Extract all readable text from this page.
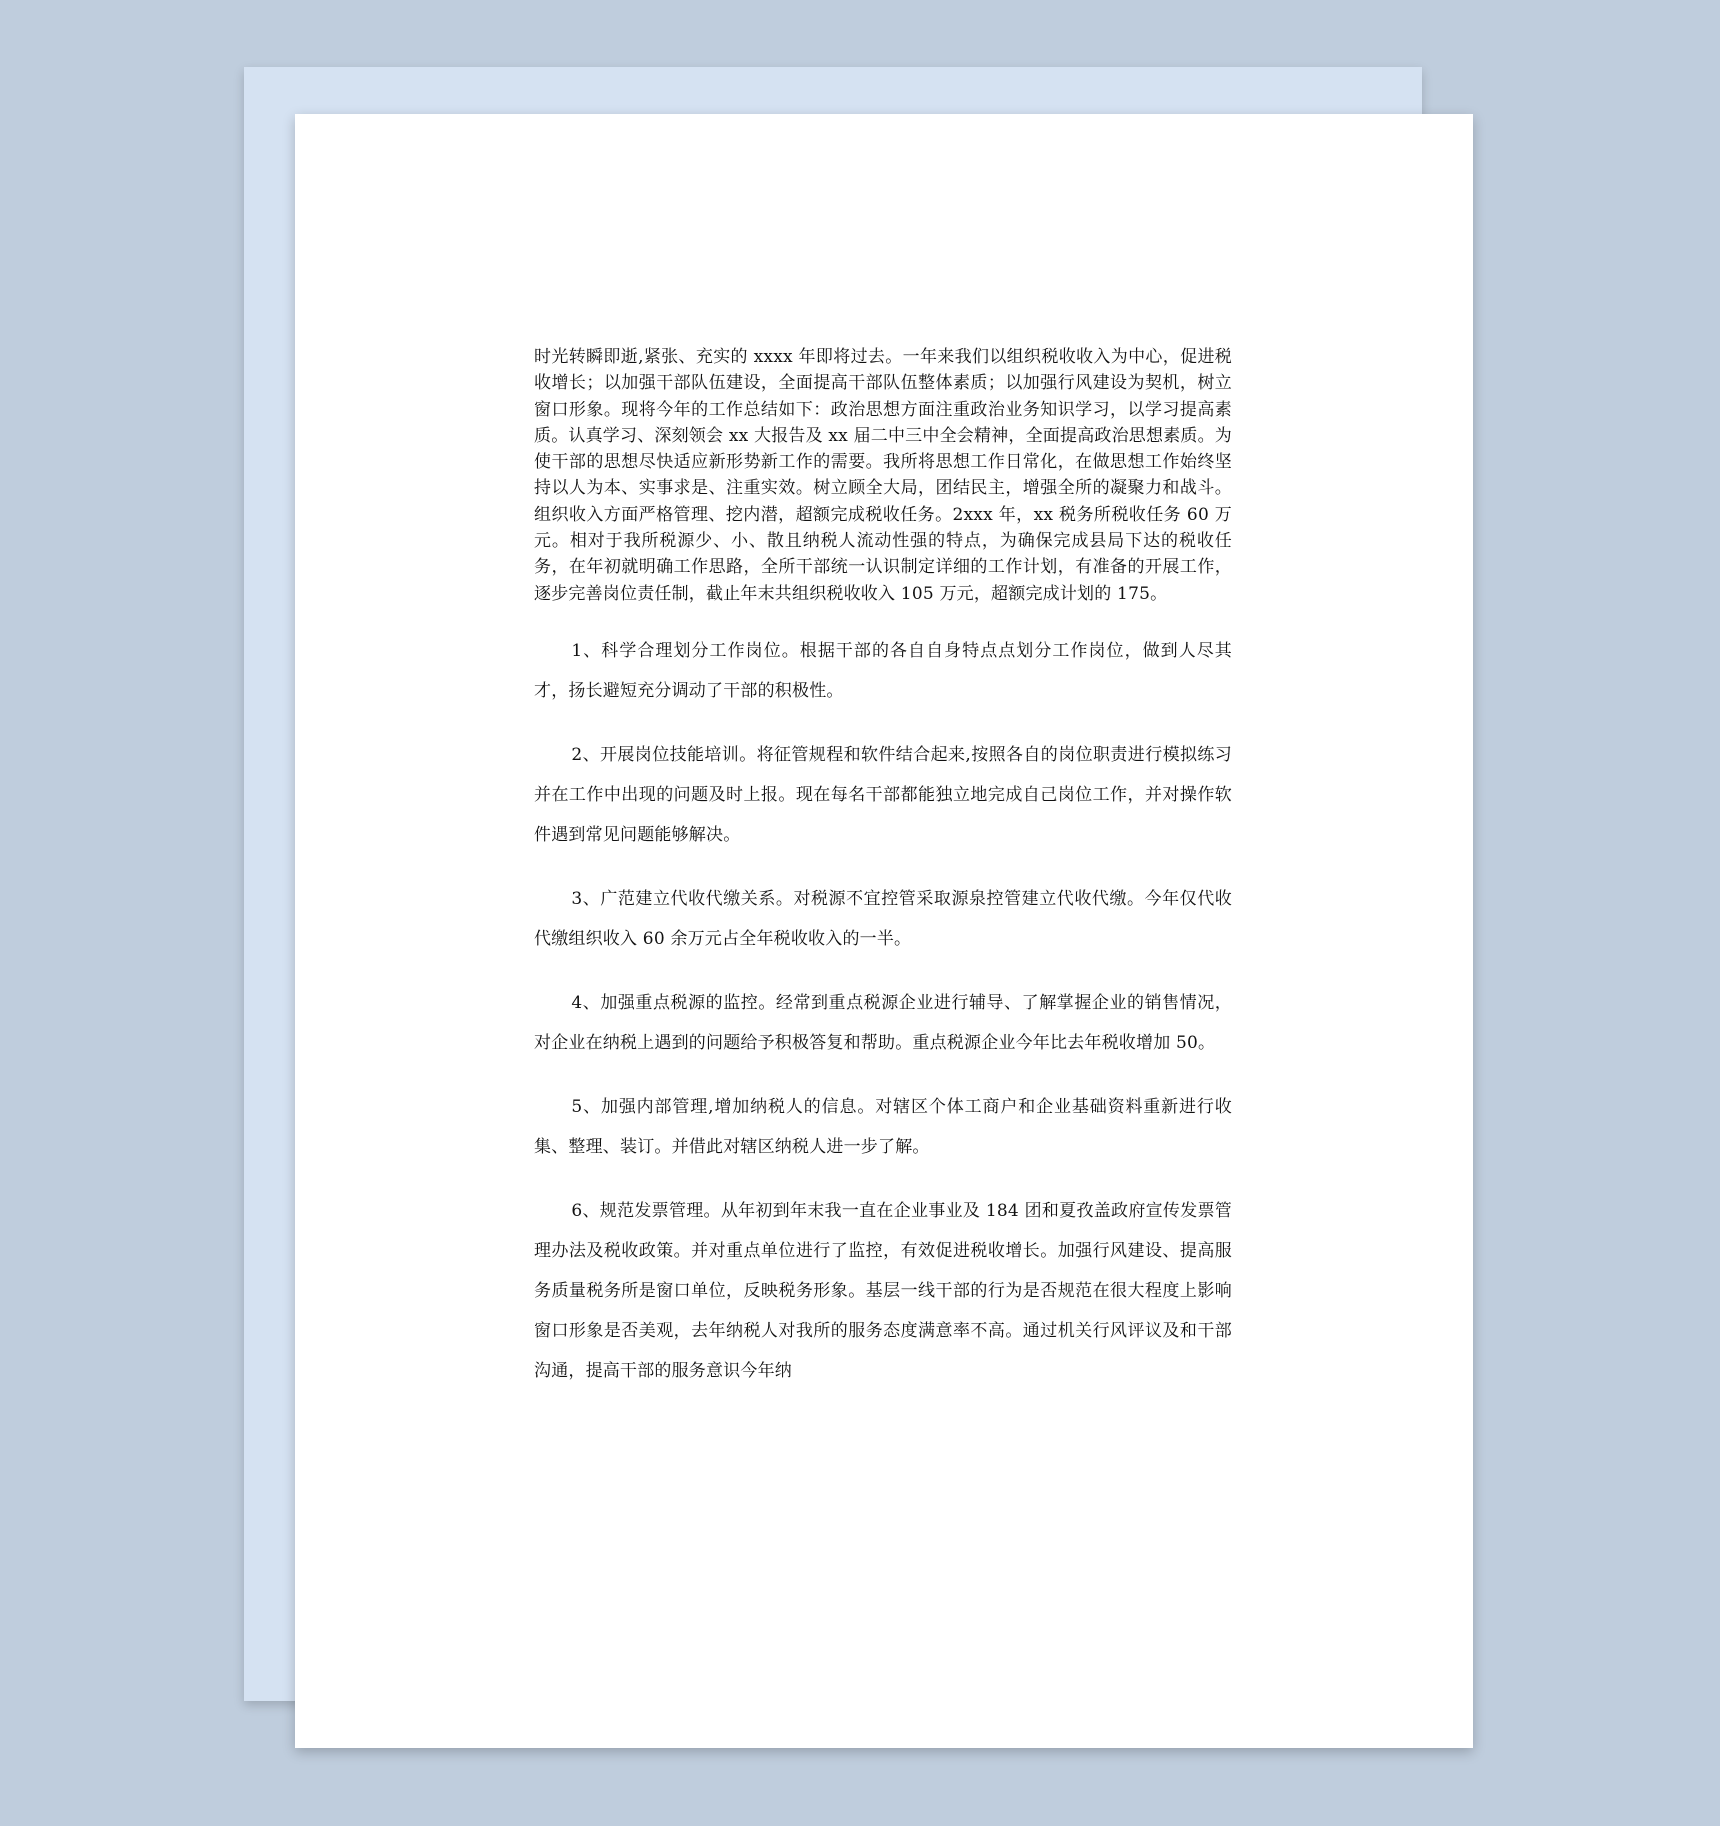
时光转瞬即逝,紧张、充实的 xxxx 年即将过去。一年来我们以组织税收收入为中心，促进税收增长；以加强干部队伍建设，全面提高干部队伍整体素质；以加强行风建设为契机，树立窗口形象。现将今年的工作总结如下：政治思想方面注重政治业务知识学习，以学习提高素质。认真学习、深刻领会 xx 大报告及 xx 届二中三中全会精神，全面提高政治思想素质。为使干部的思想尽快适应新形势新工作的需要。我所将思想工作日常化，在做思想工作始终坚持以人为本、实事求是、注重实效。树立顾全大局，团结民主，增强全所的凝聚力和战斗。组织收入方面严格管理、挖内潜，超额完成税收任务。2xxx 年，xx 税务所税收任务 60 万元。相对于我所税源少、小、散且纳税人流动性强的特点，为确保完成县局下达的税收任务，在年初就明确工作思路，全所干部统一认识制定详细的工作计划，有准备的开展工作，逐步完善岗位责任制，截止年末共组织税收收入 105 万元，超额完成计划的 175。

1、科学合理划分工作岗位。根据干部的各自自身特点点划分工作岗位，做到人尽其才，扬长避短充分调动了干部的积极性。

2、开展岗位技能培训。将征管规程和软件结合起来,按照各自的岗位职责进行模拟练习并在工作中出现的问题及时上报。现在每名干部都能独立地完成自己岗位工作，并对操作软件遇到常见问题能够解决。

3、广范建立代收代缴关系。对税源不宜控管采取源泉控管建立代收代缴。今年仅代收代缴组织收入 60 余万元占全年税收收入的一半。

4、加强重点税源的监控。经常到重点税源企业进行辅导、了解掌握企业的销售情况，对企业在纳税上遇到的问题给予积极答复和帮助。重点税源企业今年比去年税收增加 50。

5、加强内部管理,增加纳税人的信息。对辖区个体工商户和企业基础资料重新进行收集、整理、装订。并借此对辖区纳税人进一步了解。

6、规范发票管理。从年初到年末我一直在企业事业及 184 团和夏孜盖政府宣传发票管理办法及税收政策。并对重点单位进行了监控，有效促进税收增长。加强行风建设、提高服务质量税务所是窗口单位，反映税务形象。基层一线干部的行为是否规范在很大程度上影响窗口形象是否美观，去年纳税人对我所的服务态度满意率不高。通过机关行风评议及和干部沟通，提高干部的服务意识今年纳
